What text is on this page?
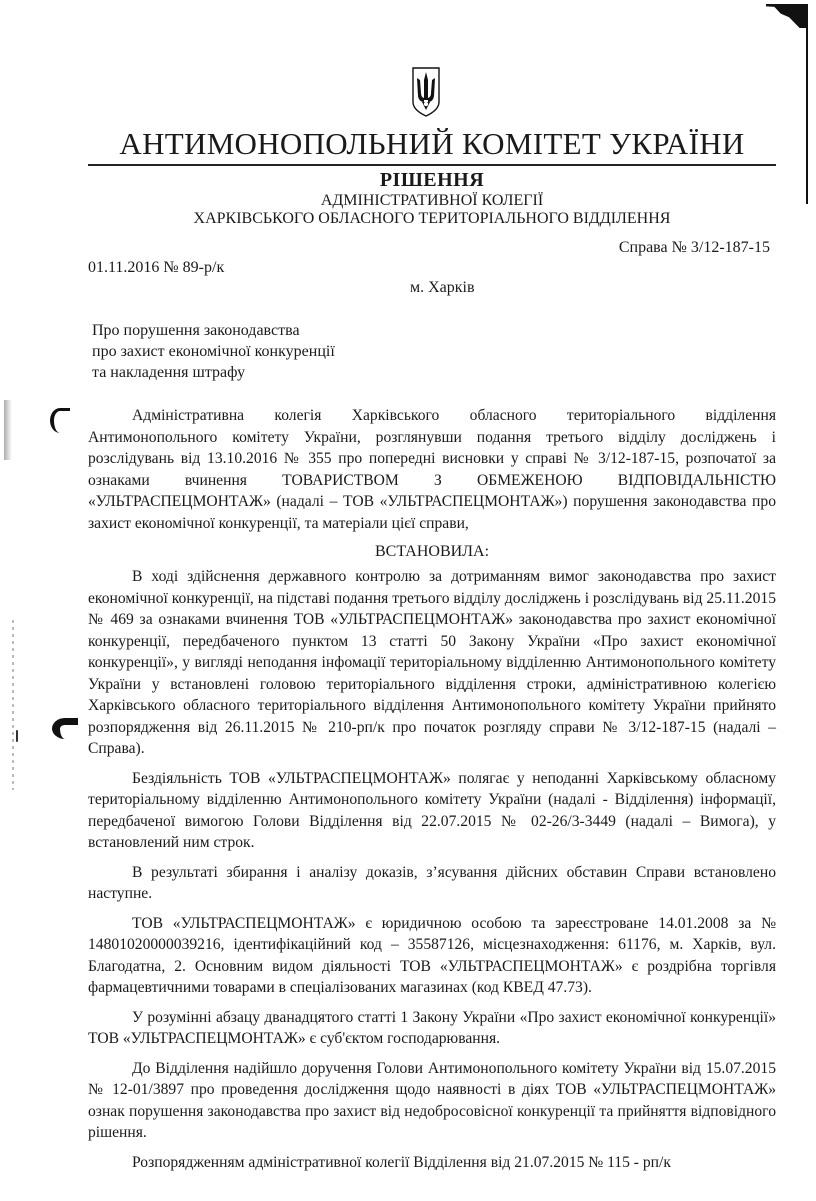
АНТИМОНОПОЛЬНИЙ КОМІТЕТ УКРАЇНИ
РІШЕННЯ
АДМІНІСТРАТИВНОЇ КОЛЕГІЇ
ХАРКІВСЬКОГО ОБЛАСНОГО ТЕРИТОРІАЛЬНОГО ВІДДІЛЕННЯ
Справа № 3/12-187-15
01.11.2016 № 89-р/к
м. Харків
Про порушення законодавства
про захист економічної конкуренції
та накладення штрафу

Адміністративна колегія Харківського обласного територіального відділення Антимонопольного комітету України, розглянувши подання третього відділу досліджень і розслідувань від 13.10.2016 № 355 про попередні висновки у справі № 3/12-187-15, розпочатої за ознаками вчинення ТОВАРИСТВОМ З ОБМЕЖЕНОЮ ВІДПОВІДАЛЬНІСТЮ «УЛЬТРАСПЕЦМОНТАЖ» (надалі – ТОВ «УЛЬТРАСПЕЦМОНТАЖ») порушення законодавства про захист економічної конкуренції, та матеріали цієї справи,

ВСТАНОВИЛА:

В ході здійснення державного контролю за дотриманням вимог законодавства про захист економічної конкуренції, на підставі подання третього відділу досліджень і розслідувань від 25.11.2015 № 469 за ознаками вчинення ТОВ «УЛЬТРАСПЕЦМОНТАЖ» законодавства про захист економічної конкуренції, передбаченого пунктом 13 статті 50 Закону України «Про захист економічної конкуренції», у вигляді неподання інфомації територіальному відділенню Антимонопольного комітету України у встановлені головою територіального відділення строки, адміністративною колегією Харківського обласного територіального відділення Антимонопольного комітету України прийнято розпорядження від 26.11.2015 № 210-рп/к про початок розгляду справи № 3/12-187-15 (надалі – Справа).

Бездіяльність ТОВ «УЛЬТРАСПЕЦМОНТАЖ» полягає у неподанні Харківському обласному територіальному відділенню Антимонопольного комітету України (надалі - Відділення) інформації, передбаченої вимогою Голови Відділення від 22.07.2015 № 02-26/3-3449 (надалі – Вимога), у встановлений ним строк.

В результаті збирання і аналізу доказів, з’ясування дійсних обставин Справи встановлено наступне.

ТОВ «УЛЬТРАСПЕЦМОНТАЖ» є юридичною особою та зареєстроване 14.01.2008 за № 14801020000039216, ідентифікаційний код – 35587126, місцезнаходження: 61176, м. Харків, вул. Благодатна, 2. Основним видом діяльності ТОВ «УЛЬТРАСПЕЦМОНТАЖ» є роздрібна торгівля фармацевтичними товарами в спеціалізованих магазинах (код КВЕД 47.73).

У розумінні абзацу дванадцятого статті 1 Закону України «Про захист економічної конкуренції» ТОВ «УЛЬТРАСПЕЦМОНТАЖ» є суб'єктом господарювання.

До Відділення надійшло доручення Голови Антимонопольного комітету України від 15.07.2015 № 12-01/3897 про проведення дослідження щодо наявності в діях ТОВ «УЛЬТРАСПЕЦМОНТАЖ» ознак порушення законодавства про захист від недобросовісної конкуренції та прийняття відповідного рішення.

Розпорядженням адміністративної колегії Відділення від 21.07.2015 № 115 - рп/к
